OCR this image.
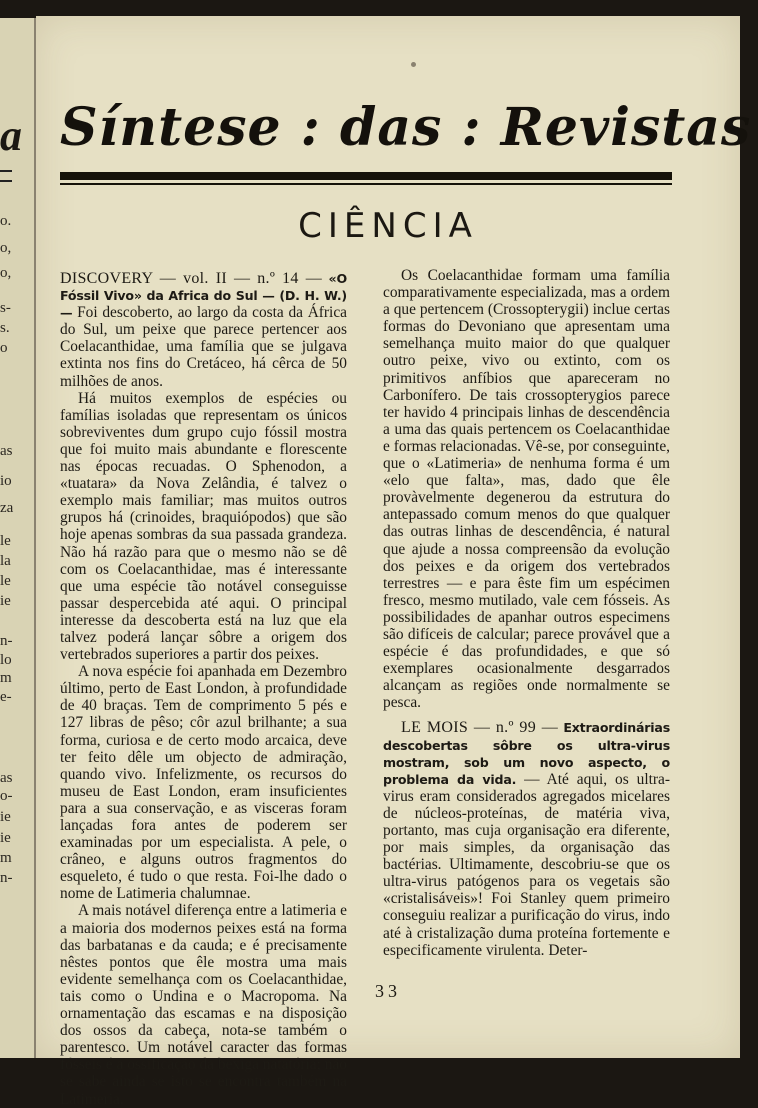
a
o.
o,
o,
s-
s.
o
as
io
za
le
la
le
ie
n-
lo
m
e-
as
o-
ie
ie
m
n-
Síntese : das : Revistas
CIÊNCIA

DISCOVERY — vol. II — n.º 14 — «O Fóssil Vivo» da Africa do Sul — (D. H. W.) — Foi descoberto, ao largo da costa da África do Sul, um peixe que parece pertencer aos Coelacanthidae, uma família que se julgava extinta nos fins do Cretáceo, há cêrca de 50 milhões de anos.

Há muitos exemplos de espécies ou famílias isoladas que representam os únicos sobreviventes dum grupo cujo fóssil mostra que foi muito mais abundante e florescente nas épocas recuadas. O Sphenodon, a «tuatara» da Nova Zelândia, é talvez o exemplo mais familiar; mas muitos outros grupos há (crinoides, braquiópodos) que são hoje apenas sombras da sua passada grandeza. Não há razão para que o mesmo não se dê com os Coelacanthidae, mas é interessante que uma espécie tão notável conseguisse passar despercebida até aqui. O principal interesse da descoberta está na luz que ela talvez poderá lançar sôbre a origem dos vertebrados superiores a partir dos peixes.

A nova espécie foi apanhada em Dezembro último, perto de East London, à profundidade de 40 braças. Tem de comprimento 5 pés e 127 libras de pêso; côr azul brilhante; a sua forma, curiosa e de certo modo arcaica, deve ter feito dêle um objecto de admiração, quando vivo. Infelizmente, os recursos do museu de East London, eram insuficientes para a sua conservação, e as visceras foram lançadas fora antes de poderem ser examinadas por um especialista. A pele, o crâneo, e alguns outros fragmentos do esqueleto, é tudo o que resta. Foi-lhe dado o nome de Latimeria chalumnae.

A mais notável diferença entre a latimeria e a maioria dos modernos peixes está na forma das barbatanas e da cauda; e é precisamente nêstes pontos que êle mostra uma mais evidente semelhança com os Coelacanthidae, tais como o Undina e o Macropoma. Na ornamentação das escamas e na disposição dos ossos da cabeça, nota-se também o parentesco. Um notável caracter das formas fósseis é a ossificação da bexiga natatória; não se sabe ainda se isto se encontra também na Latimeria.

Os Coelacanthidae formam uma família comparativamente especializada, mas a ordem a que pertencem (Crossopterygii) inclue certas formas do Devoniano que apresentam uma semelhança muito maior do que qualquer outro peixe, vivo ou extinto, com os primitivos anfíbios que apareceram no Carbonífero. De tais crossopterygios parece ter havido 4 principais linhas de descendência a uma das quais pertencem os Coelacanthidae e formas relacionadas. Vê-se, por conseguinte, que o «Latimeria» de nenhuma forma é um «elo que falta», mas, dado que êle provàvelmente degenerou da estrutura do antepassado comum menos do que qualquer das outras linhas de descendência, é natural que ajude a nossa compreensão da evolução dos peixes e da origem dos vertebrados terrestres — e para êste fim um espécimen fresco, mesmo mutilado, vale cem fósseis. As possibilidades de apanhar outros especimens são difíceis de calcular; parece provável que a espécie é das profundidades, e que só exemplares ocasionalmente desgarrados alcançam as regiões onde normalmente se pesca.

LE MOIS — n.º 99 — Extraordinárias descobertas sôbre os ultra-virus mostram, sob um novo aspecto, o problema da vida. — Até aqui, os ultra-virus eram considerados agregados micelares de núcleos-proteínas, de matéria viva, portanto, mas cuja organisação era diferente, por mais simples, da organisação das bactérias. Ultimamente, descobriu-se que os ultra-virus patógenos para os vegetais são «cristalisáveis»! Foi Stanley quem primeiro conseguiu realizar a purificação do virus, indo até à cristalização duma proteína fortemente e especificamente virulenta. Deter-

33
